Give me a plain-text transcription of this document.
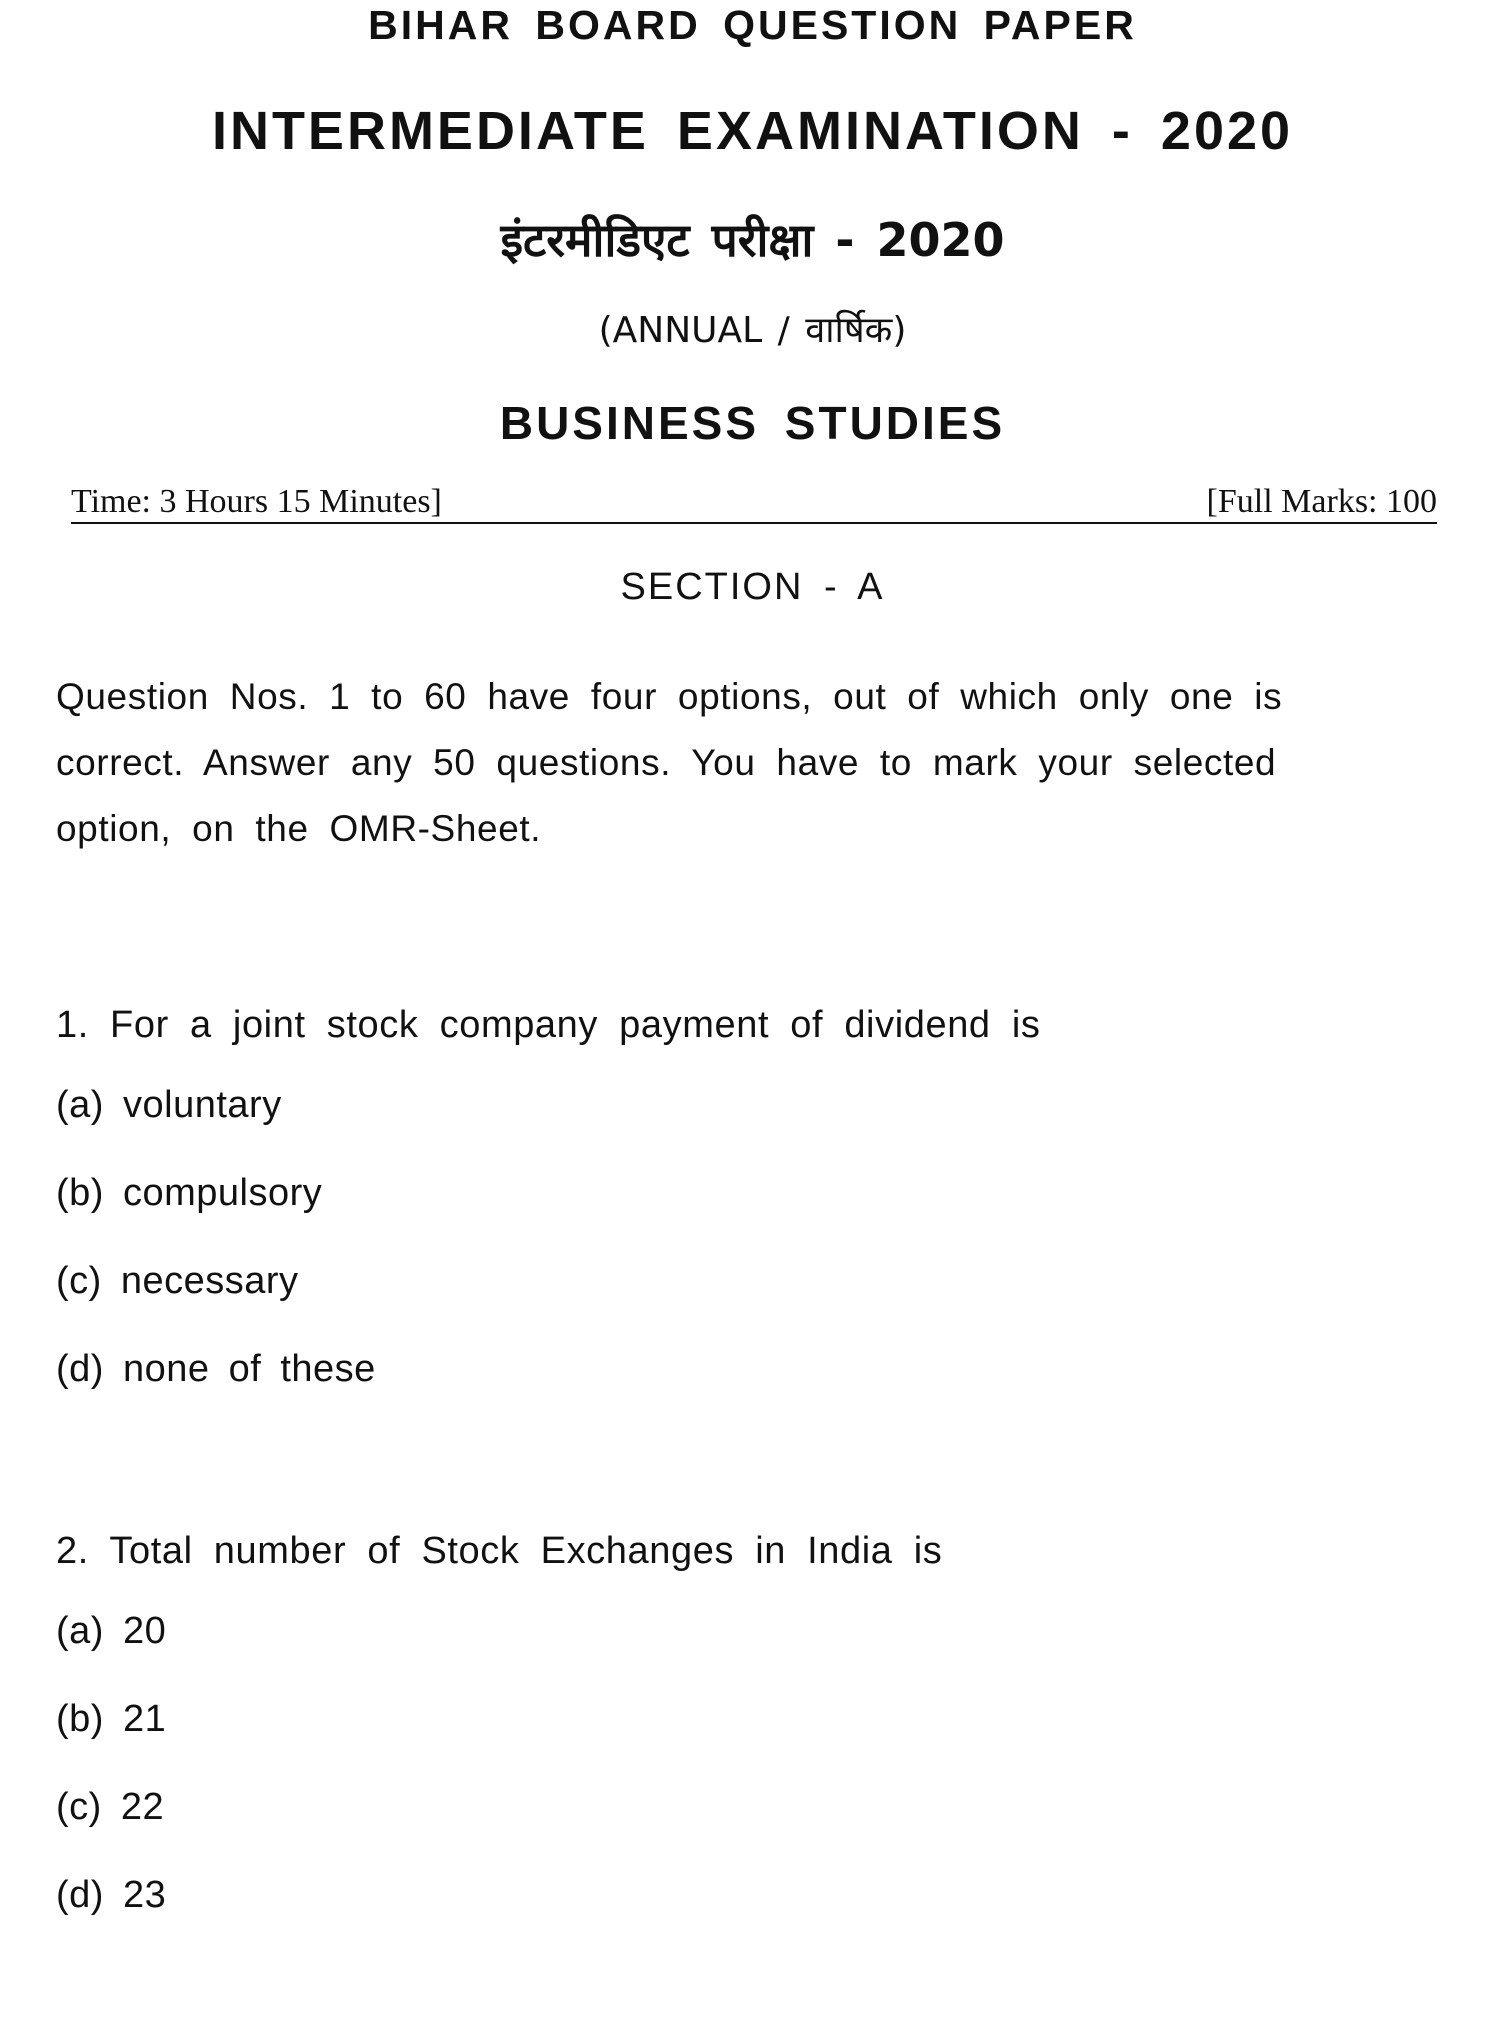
BIHAR BOARD QUESTION PAPER
INTERMEDIATE EXAMINATION - 2020
इंटरमीडिएट परीक्षा - 2020
(ANNUAL / वार्षिक)
BUSINESS STUDIES
Time: 3 Hours 15 Minutes]	[Full Marks: 100
SECTION - A
Question Nos. 1 to 60 have four options, out of which only one is correct. Answer any 50 questions. You have to mark your selected option, on the OMR-Sheet.
1. For a joint stock company payment of dividend is
(a) voluntary
(b) compulsory
(c) necessary
(d) none of these
2. Total number of Stock Exchanges in India is
(a) 20
(b) 21
(c) 22
(d) 23
